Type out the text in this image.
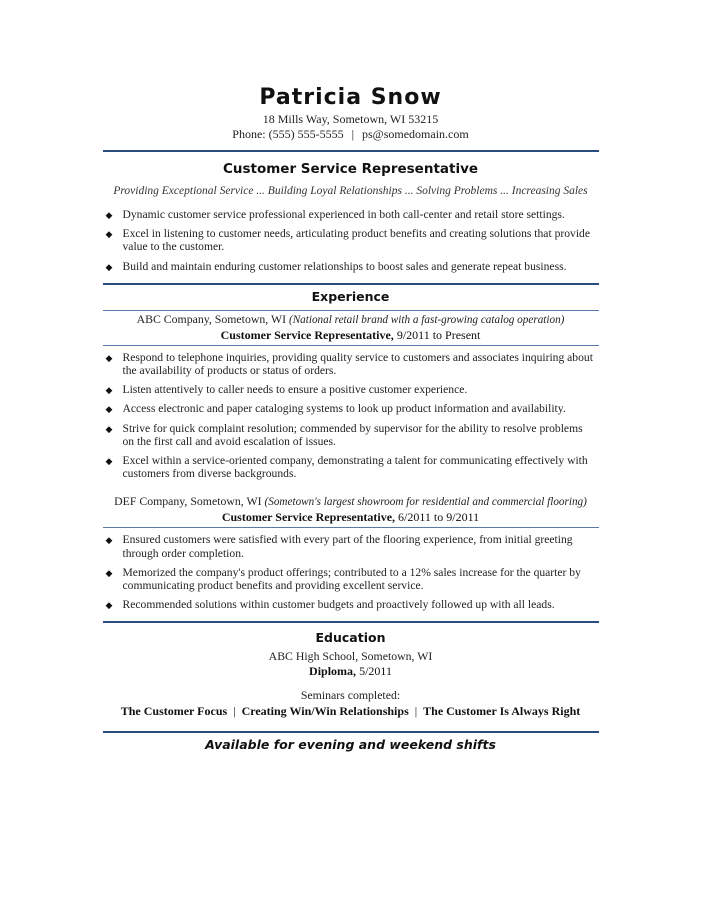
Patricia Snow
18 Mills Way, Sometown, WI 53215
Phone: (555) 555-5555 | ps@somedomain.com
Customer Service Representative
Providing Exceptional Service ... Building Loyal Relationships ... Solving Problems ... Increasing Sales
◆ Dynamic customer service professional experienced in both call-center and retail store settings.
◆ Excel in listening to customer needs, articulating product benefits and creating solutions that provide value to the customer.
◆ Build and maintain enduring customer relationships to boost sales and generate repeat business.
Experience
ABC Company, Sometown, WI (National retail brand with a fast-growing catalog operation)
Customer Service Representative, 9/2011 to Present
◆ Respond to telephone inquiries, providing quality service to customers and associates inquiring about the availability of products or status of orders.
◆ Listen attentively to caller needs to ensure a positive customer experience.
◆ Access electronic and paper cataloging systems to look up product information and availability.
◆ Strive for quick complaint resolution; commended by supervisor for the ability to resolve problems on the first call and avoid escalation of issues.
◆ Excel within a service-oriented company, demonstrating a talent for communicating effectively with customers from diverse backgrounds.
DEF Company, Sometown, WI (Sometown's largest showroom for residential and commercial flooring)
Customer Service Representative, 6/2011 to 9/2011
◆ Ensured customers were satisfied with every part of the flooring experience, from initial greeting through order completion.
◆ Memorized the company's product offerings; contributed to a 12% sales increase for the quarter by communicating product benefits and providing excellent service.
◆ Recommended solutions within customer budgets and proactively followed up with all leads.
Education
ABC High School, Sometown, WI
Diploma, 5/2011
Seminars completed:
The Customer Focus | Creating Win/Win Relationships | The Customer Is Always Right
Available for evening and weekend shifts
